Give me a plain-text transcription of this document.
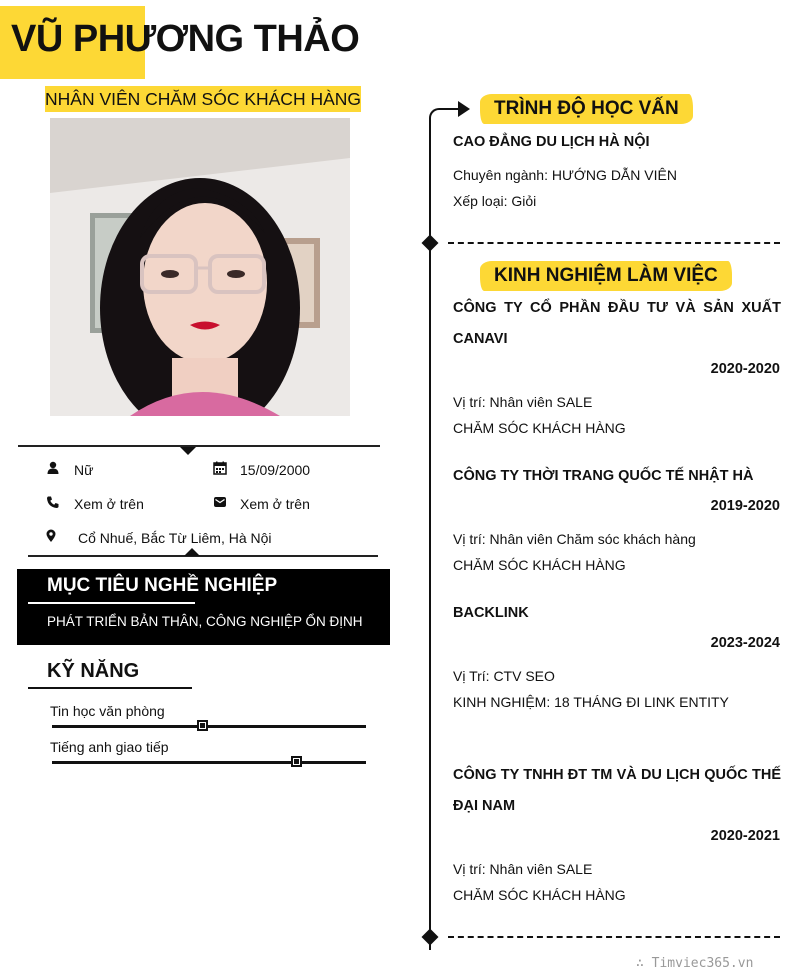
VŨ PHƯƠNG THẢO
NHÂN VIÊN CHĂM SÓC KHÁCH HÀNG
Nữ	15/09/2000
Xem ở trên	Xem ở trên
Cổ Nhuế, Bắc Từ Liêm, Hà Nội
MỤC TIÊU NGHỀ NGHIỆP
PHÁT TRIỂN BẢN THÂN, CÔNG NGHIỆP ỔN ĐỊNH
KỸ NĂNG
Tin học văn phòng
Tiếng anh giao tiếp
TRÌNH ĐỘ HỌC VẤN
CAO ĐẲNG DU LỊCH HÀ NỘI
Chuyên ngành: HƯỚNG DẪN VIÊN
Xếp loại: Giỏi
KINH NGHIỆM LÀM VIỆC
CÔNG TY CỔ PHẦN ĐẦU TƯ VÀ SẢN XUẤT
CANAVI
2020-2020
Vị trí: Nhân viên SALE
CHĂM SÓC KHÁCH HÀNG
CÔNG TY THỜI TRANG QUỐC TẾ NHẬT HÀ
2019-2020
Vị trí: Nhân viên Chăm sóc khách hàng
CHĂM SÓC KHÁCH HÀNG
BACKLINK
2023-2024
Vị Trí: CTV SEO
KINH NGHIỆM: 18 THÁNG ĐI LINK ENTITY
CÔNG TY TNHH ĐT TM VÀ DU LỊCH QUỐC THẾ
ĐẠI NAM
2020-2021
Vị trí: Nhân viên SALE
CHĂM SÓC KHÁCH HÀNG
∴ Timviec365.vn
